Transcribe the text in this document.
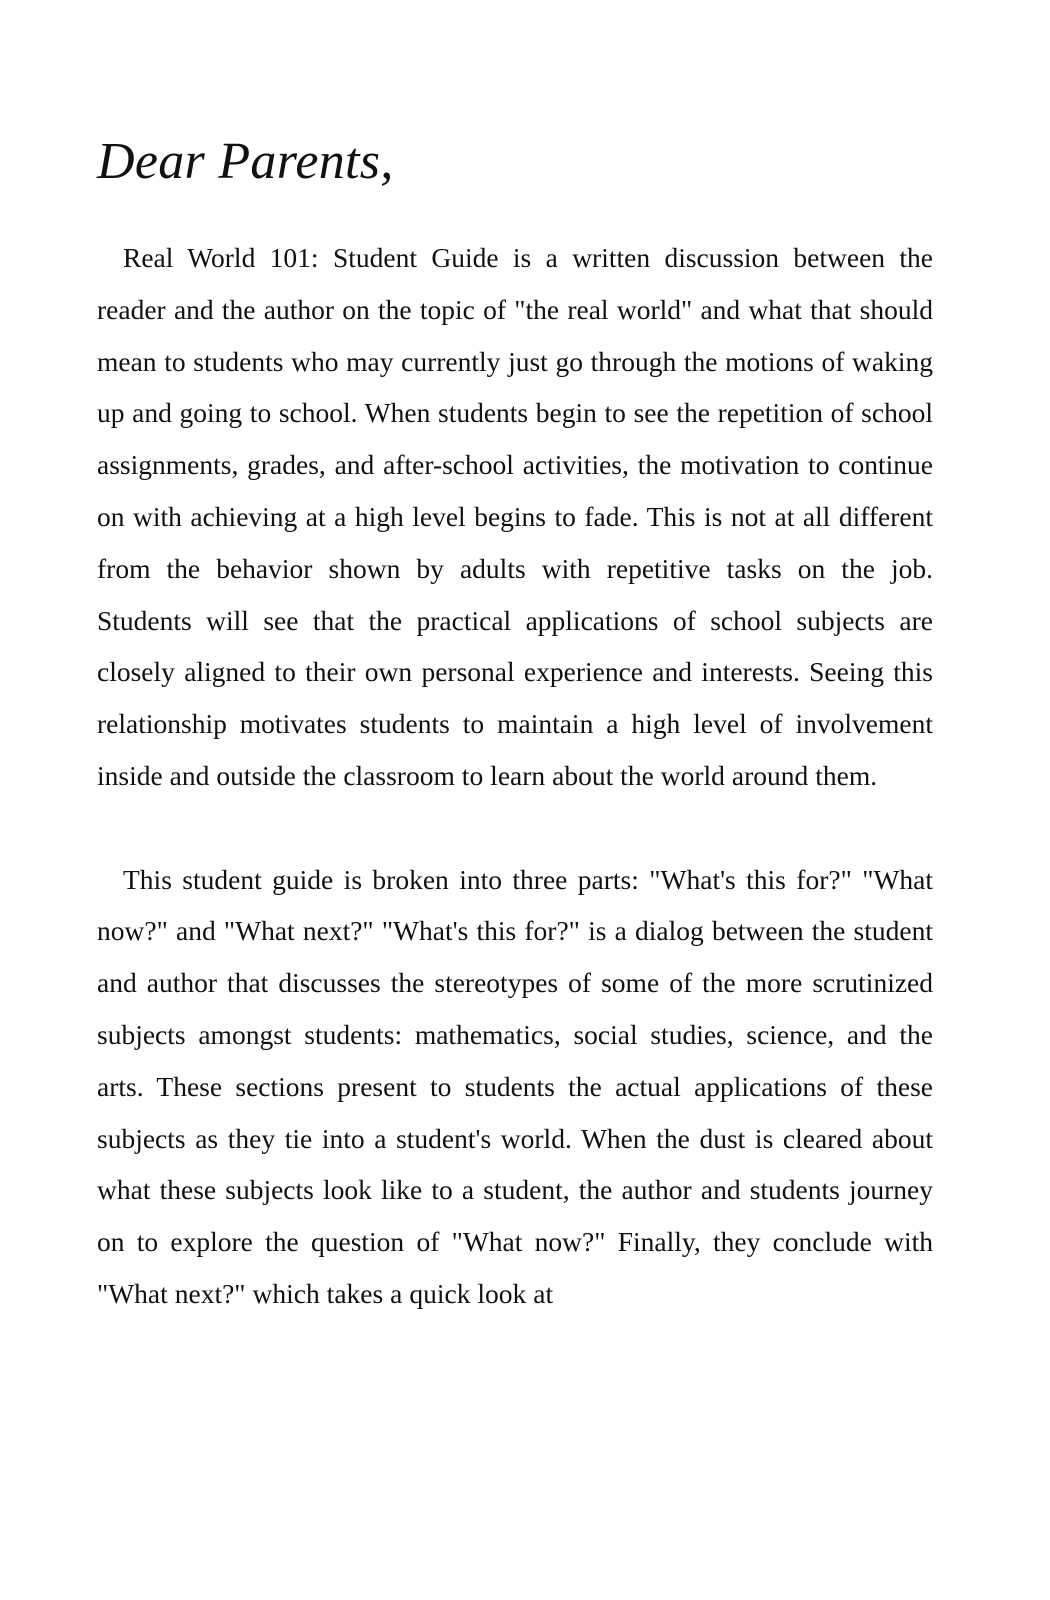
Dear Parents,

Real World 101: Student Guide is a written discussion between the reader and the author on the topic of "the real world" and what that should mean to students who may currently just go through the motions of waking up and going to school. When students begin to see the repetition of school assignments, grades, and after-school activities, the motivation to continue on with achieving at a high level begins to fade. This is not at all different from the behavior shown by adults with repetitive tasks on the job. Students will see that the practical applications of school subjects are closely aligned to their own personal experience and interests. Seeing this relationship motivates students to maintain a high level of involvement inside and outside the classroom to learn about the world around them.

This student guide is broken into three parts: "What's this for?" "What now?" and "What next?" "What's this for?" is a dialog between the student and author that discusses the stereotypes of some of the more scrutinized subjects amongst students: mathematics, social studies, science, and the arts. These sections present to students the actual applications of these subjects as they tie into a student's world. When the dust is cleared about what these subjects look like to a student, the author and students journey on to explore the question of "What now?" Finally, they conclude with "What next?" which takes a quick look at
